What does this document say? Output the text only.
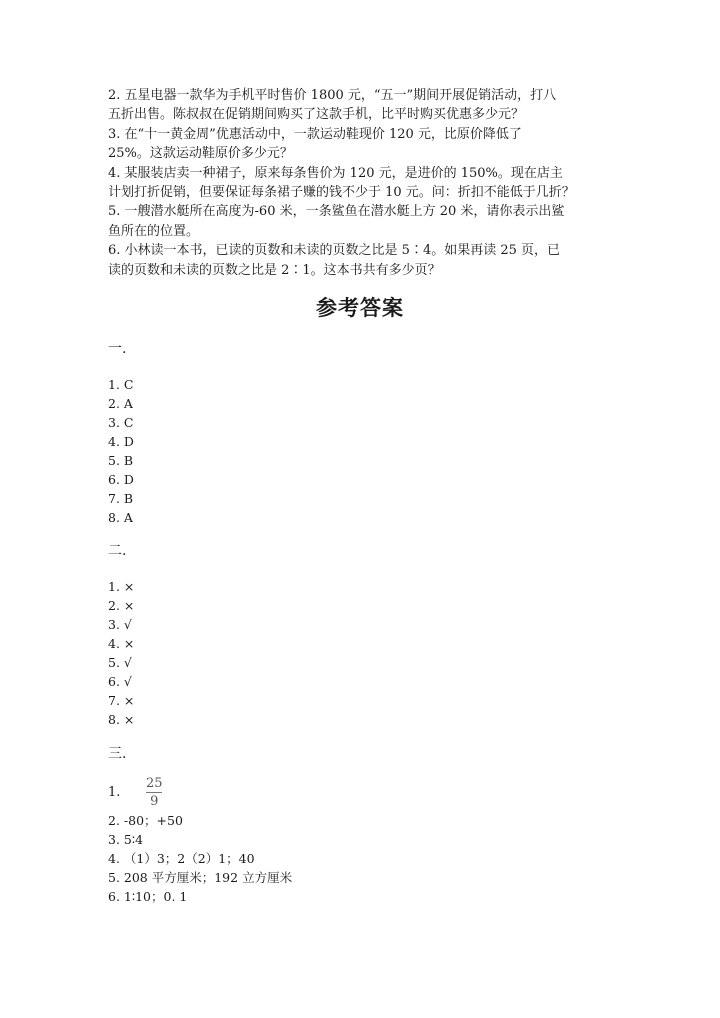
2. 五星电器一款华为手机平时售价 1800 元，“五一”期间开展促销活动，打八

五折出售。陈叔叔在促销期间购买了这款手机，比平时购买优惠多少元？

3. 在“十一黄金周”优惠活动中，一款运动鞋现价 120 元，比原价降低了

25%。这款运动鞋原价多少元？

4. 某服装店卖一种裙子，原来每条售价为 120 元，是进价的 150%。现在店主

计划打折促销，但要保证每条裙子赚的钱不少于 10 元。问：折扣不能低于几折？

5. 一艘潜水艇所在高度为-60 米，一条鲨鱼在潜水艇上方 20 米，请你表示出鲨

鱼所在的位置。

6. 小林读一本书，已读的页数和未读的页数之比是 5∶4。如果再读 25 页，已

读的页数和未读的页数之比是 2∶1。这本书共有多少页？

参考答案

一.

1. C
2. A
3. C
4. D
5. B
6. D
7. B
8. A

二.

1. ×
2. ×
3. √
4. ×
5. √
6. √
7. ×
8. ×

三.

1.	$\frac{25}{9}$
2. -80；+50
3. 5∶4
4. （1）3；2（2）1；40
5. 208 平方厘米；192 立方厘米
6. 1∶10；0. 1
